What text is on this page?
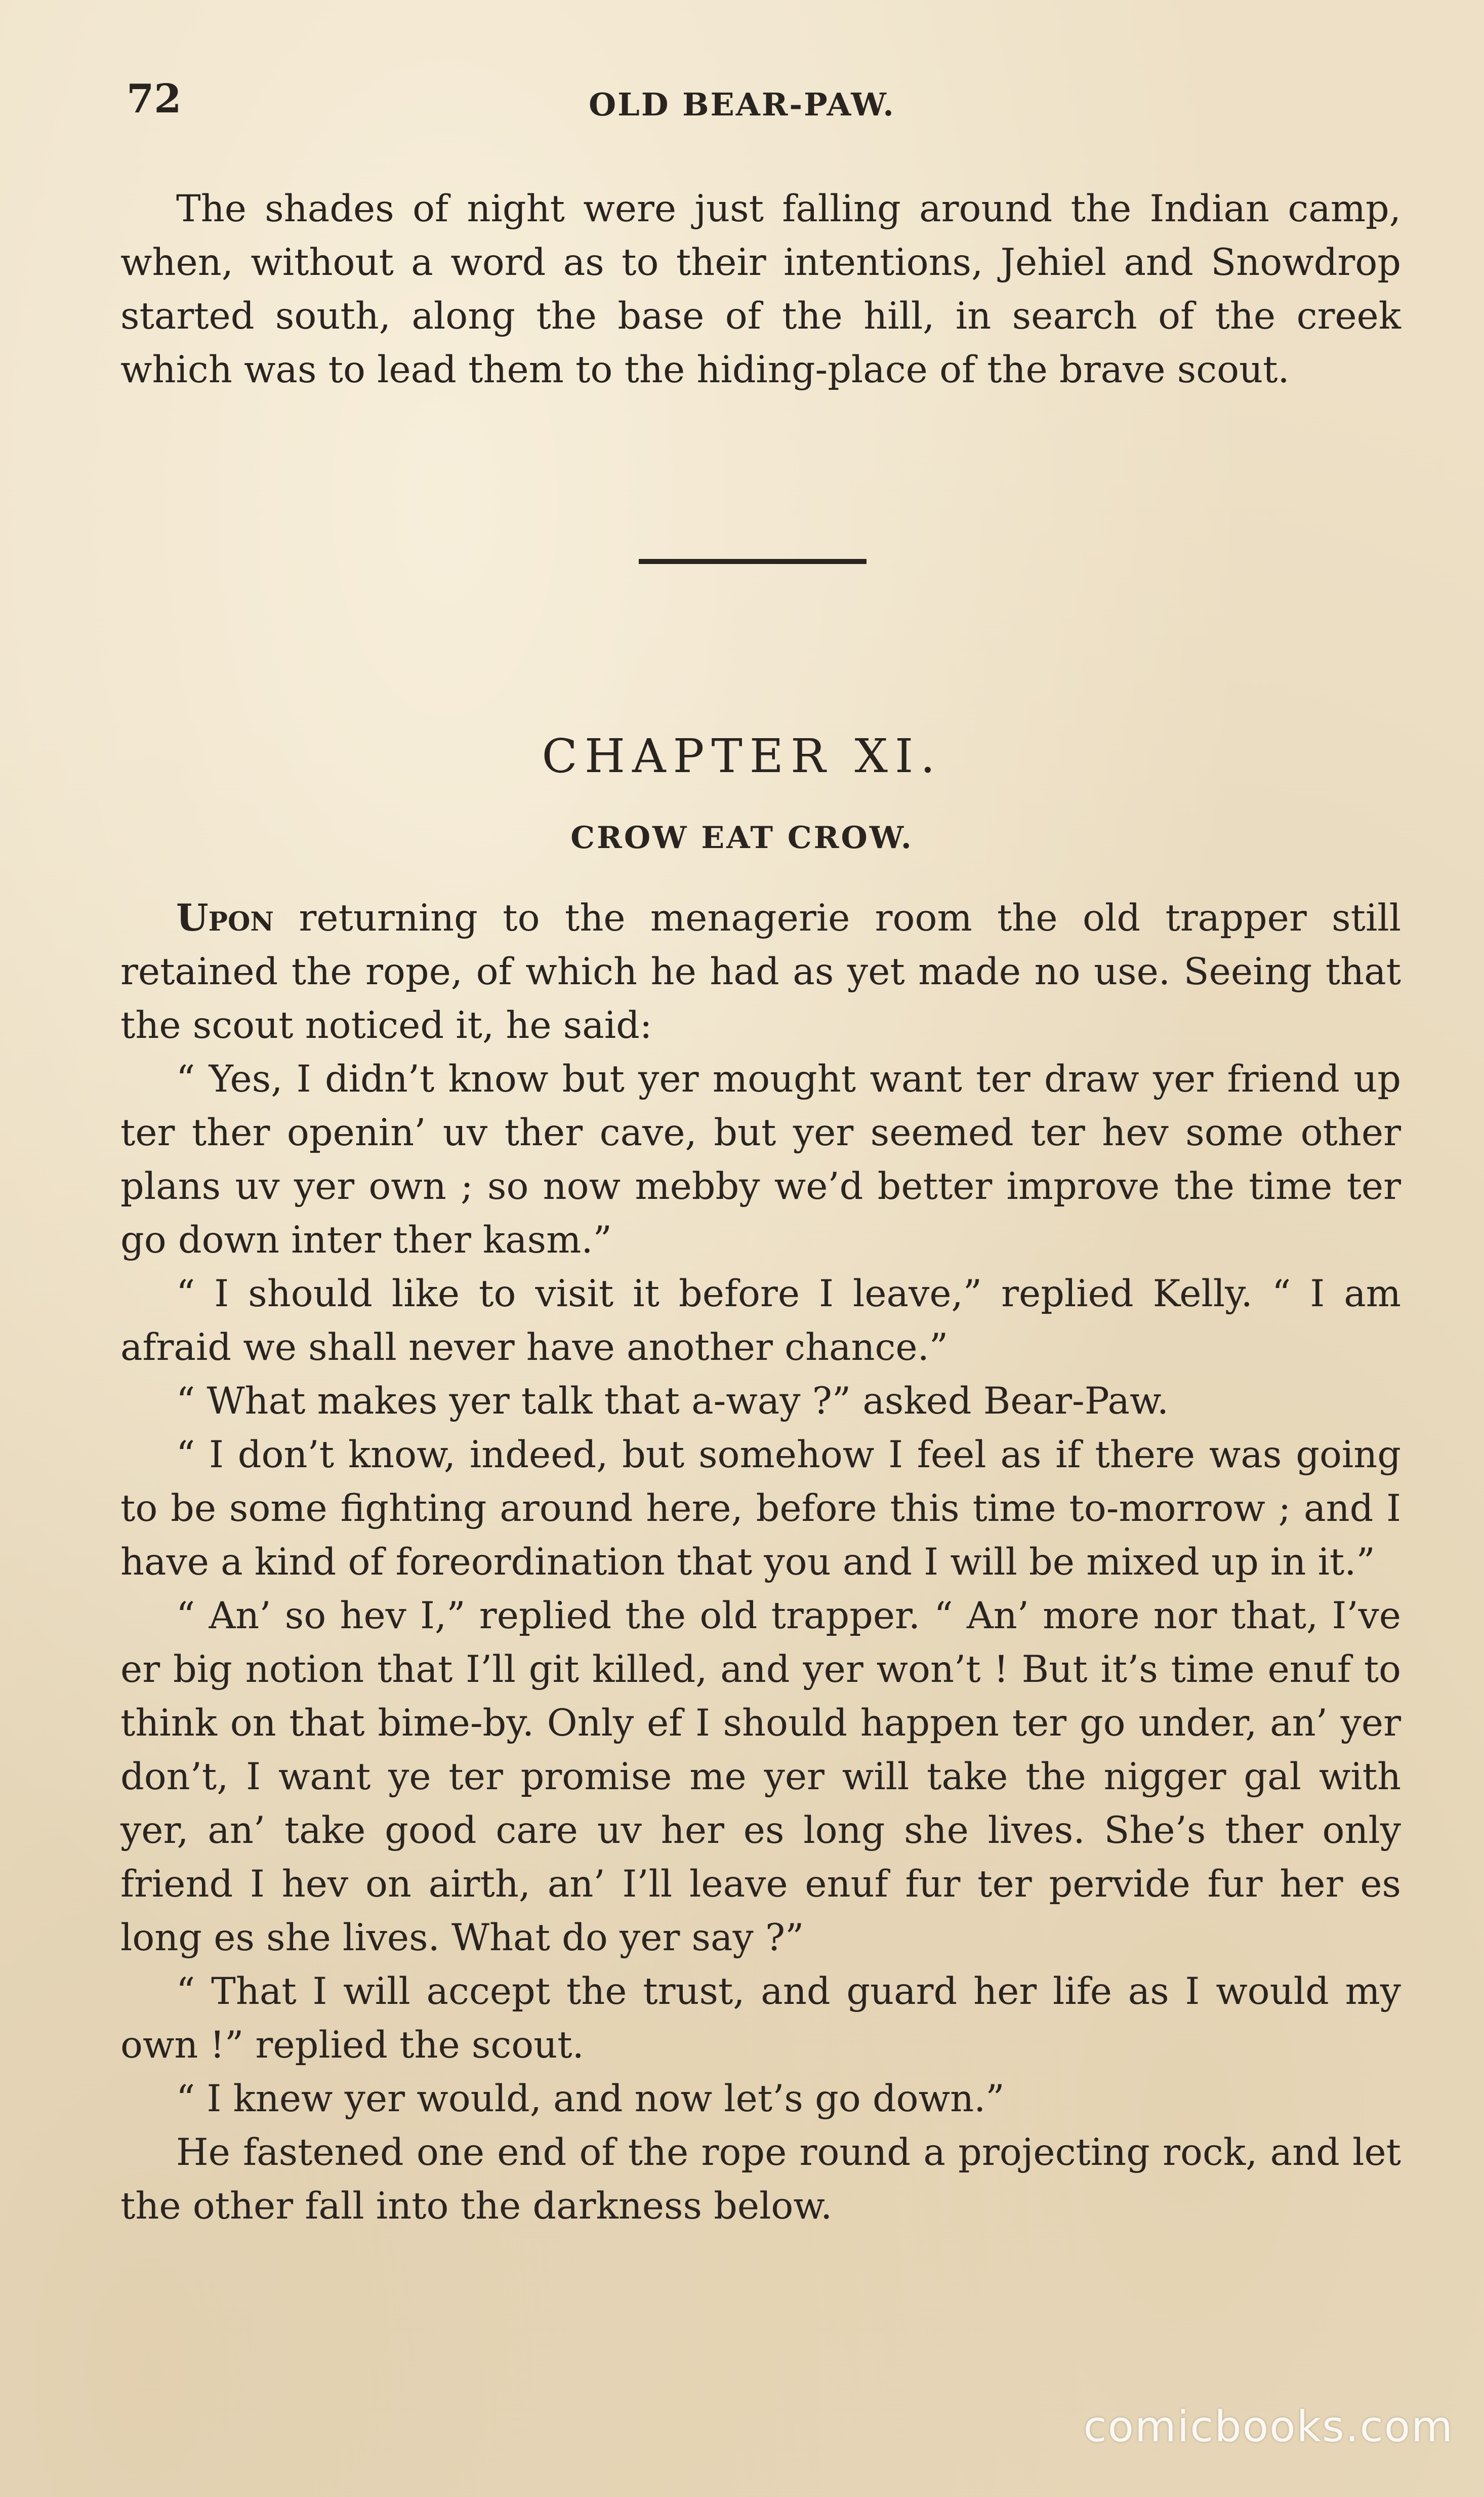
72	OLD BEAR-PAW.

The shades of night were just falling around the Indian camp, when, without a word as to their intentions, Jehiel and Snowdrop started south, along the base of the hill, in search of the creek which was to lead them to the hiding-place of the brave scout.

CHAPTER XI.
CROW EAT CROW.

Upon returning to the menagerie room the old trapper still retained the rope, of which he had as yet made no use. Seeing that the scout noticed it, he said:

“ Yes, I didn’t know but yer mought want ter draw yer friend up ter ther openin’ uv ther cave, but yer seemed ter hev some other plans uv yer own ; so now mebby we’d better improve the time ter go down inter ther kasm.”

“ I should like to visit it before I leave,” replied Kelly. “ I am afraid we shall never have another chance.”

“ What makes yer talk that a-way ?” asked Bear-Paw.

“ I don’t know, indeed, but somehow I feel as if there was going to be some fighting around here, before this time to-morrow ; and I have a kind of foreordination that you and I will be mixed up in it.”

“ An’ so hev I,” replied the old trapper. “ An’ more nor that, I’ve er big notion that I’ll git killed, and yer won’t ! But it’s time enuf to think on that bime-by. Only ef I should happen ter go under, an’ yer don’t, I want ye ter promise me yer will take the nigger gal with yer, an’ take good care uv her es long she lives. She’s ther only friend I hev on airth, an’ I’ll leave enuf fur ter pervide fur her es long es she lives. What do yer say ?”

“ That I will accept the trust, and guard her life as I would my own !” replied the scout.

“ I knew yer would, and now let’s go down.”

He fastened one end of the rope round a projecting rock, and let the other fall into the darkness below.

comicbooks.com
